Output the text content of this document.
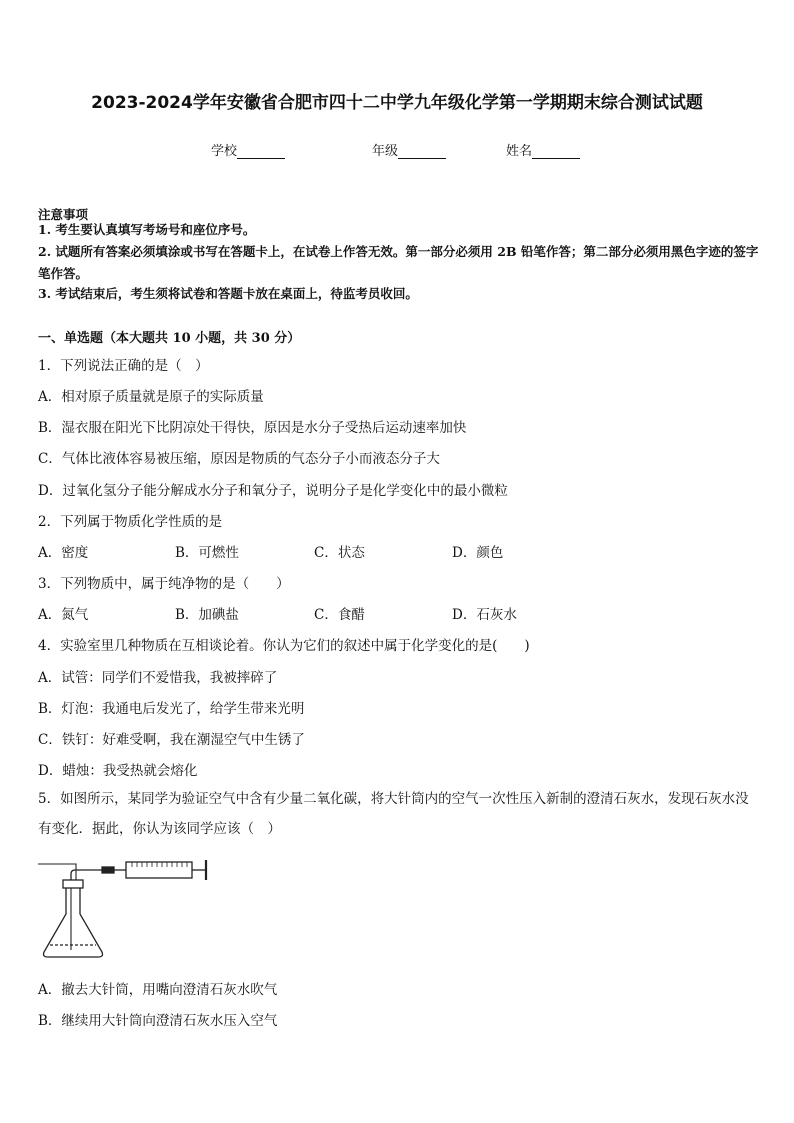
2023-2024学年安徽省合肥市四十二中学九年级化学第一学期期末综合测试试题
学校	年级	姓名
注意事项
1. 考生要认真填写考场号和座位序号。
2. 试题所有答案必须填涂或书写在答题卡上，在试卷上作答无效。第一部分必须用 2B 铅笔作答；第二部分必须用黑色字迹的签字笔作答。
3. 考试结束后，考生须将试卷和答题卡放在桌面上，待监考员收回。
一、单选题（本大题共 10 小题，共 30 分）
1．下列说法正确的是（　）
A．相对原子质量就是原子的实际质量
B．湿衣服在阳光下比阴凉处干得快，原因是水分子受热后运动速率加快
C．气体比液体容易被压缩，原因是物质的气态分子小而液态分子大
D．过氧化氢分子能分解成水分子和氧分子，说明分子是化学变化中的最小微粒
2．下列属于物质化学性质的是
A．密度	B．可燃性	C．状态	D．颜色
3．下列物质中，属于纯净物的是（　　）
A．氮气	B．加碘盐	C．食醋	D．石灰水
4．实验室里几种物质在互相谈论着。你认为它们的叙述中属于化学变化的是(　　)
A．试管：同学们不爱惜我，我被摔碎了
B．灯泡：我通电后发光了，给学生带来光明
C．铁钉：好难受啊，我在潮湿空气中生锈了
D．蜡烛：我受热就会熔化
5．如图所示，某同学为验证空气中含有少量二氧化碳，将大针筒内的空气一次性压入新制的澄清石灰水，发现石灰水没有变化．据此，你认为该同学应该（　）
A．撤去大针筒，用嘴向澄清石灰水吹气
B．继续用大针筒向澄清石灰水压入空气
